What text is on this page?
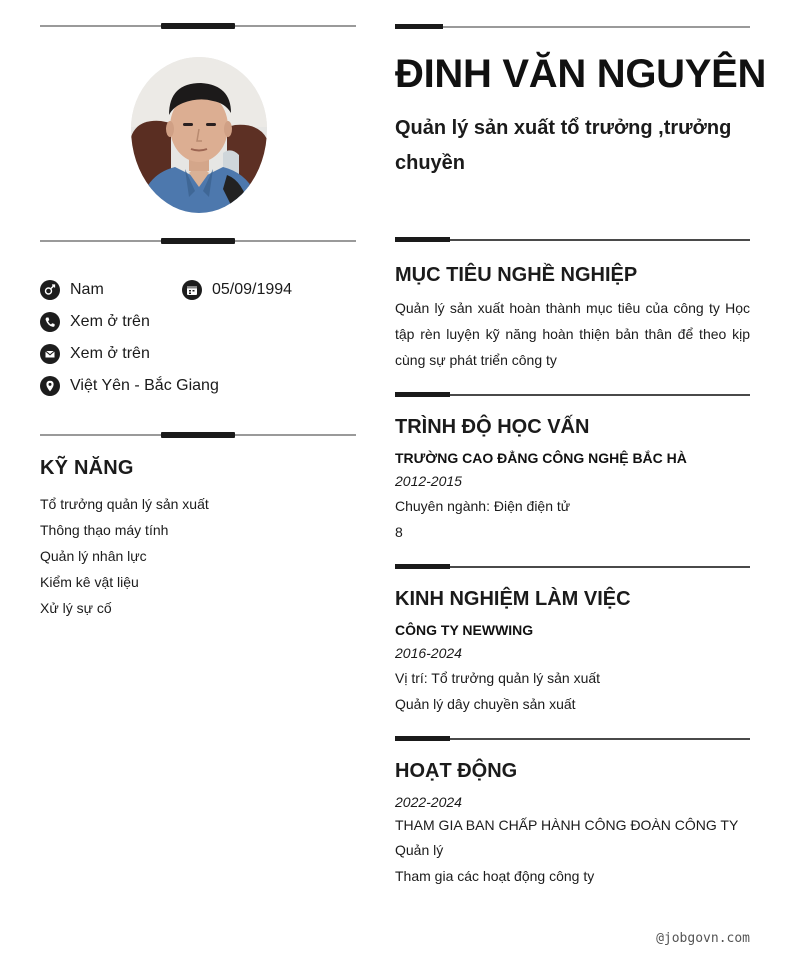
Nam	05/09/1994
Xem ở trên
Xem ở trên
Việt Yên - Bắc Giang
KỸ NĂNG
Tổ trưởng quản lý sản xuất
Thông thạo máy tính
Quản lý nhân lực
Kiểm kê vật liệu
Xử lý sự cố
ĐINH VĂN NGUYÊN
Quản lý sản xuất tổ trưởng ,trưởng chuyền
MỤC TIÊU NGHỀ NGHIỆP
Quản lý sản xuất hoàn thành mục tiêu của công ty Học tập rèn luyện kỹ năng hoàn thiện bản thân để theo kịp cùng sự phát triển công ty
TRÌNH ĐỘ HỌC VẤN
TRƯỜNG CAO ĐẲNG CÔNG NGHỆ BẮC HÀ
2012-2015
Chuyên ngành: Điện điện tử
8
KINH NGHIỆM LÀM VIỆC
CÔNG TY NEWWING
2016-2024
Vị trí: Tổ trưởng quản lý sản xuất
Quản lý dây chuyền sản xuất
HOẠT ĐỘNG
2022-2024
THAM GIA BAN CHẤP HÀNH CÔNG ĐOÀN CÔNG TY
Quản lý
Tham gia các hoạt động công ty
@jobgovn.com
